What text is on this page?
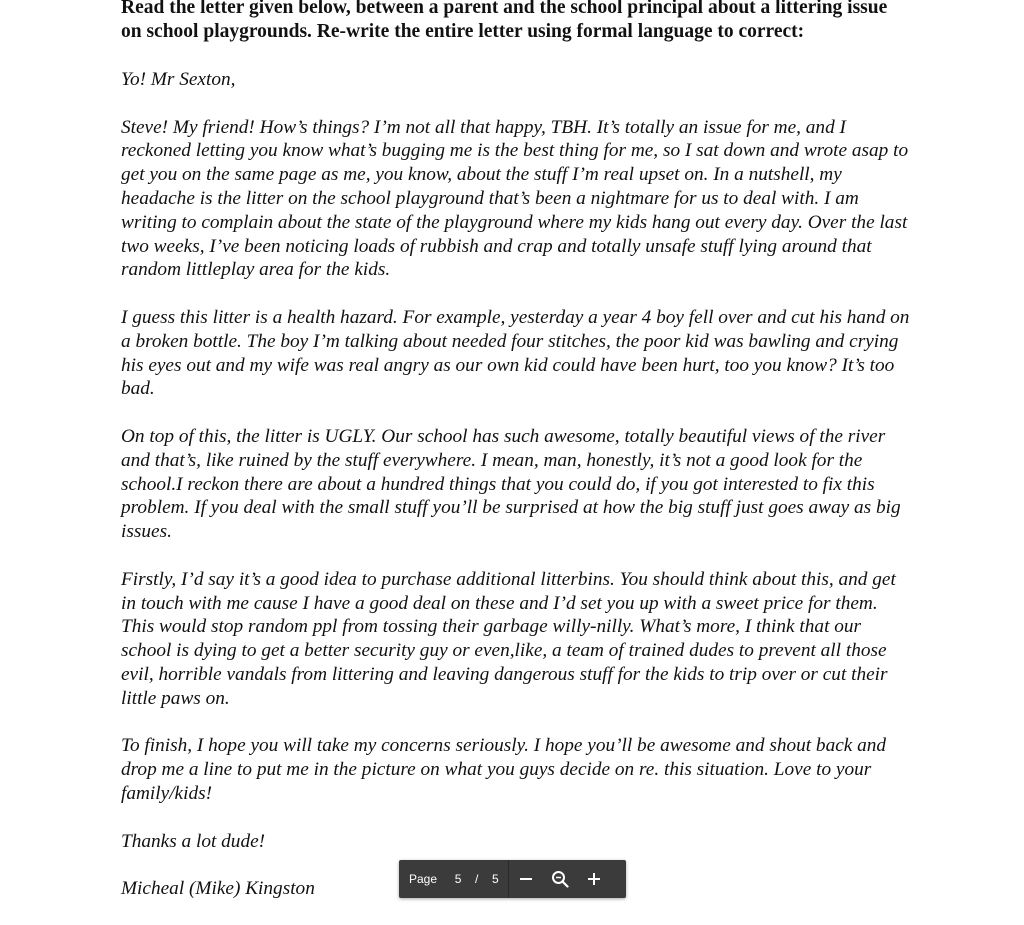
Read the letter given below, between a parent and the school principal about a littering issue on school playgrounds. Re-write the entire letter using formal language to correct:

Yo! Mr Sexton,

Steve! My friend! How’s things? I’m not all that happy, TBH. It’s totally an issue for me, and I reckoned letting you know what’s bugging me is the best thing for me, so I sat down and wrote asap to get you on the same page as me, you know, about the stuff I’m real upset on. In a nutshell, my headache is the litter on the school playground that’s been a nightmare for us to deal with. I am writing to complain about the state of the playground where my kids hang out every day. Over the last two weeks, I’ve been noticing loads of rubbish and crap and totally unsafe stuff lying around that random littleplay area for the kids.

I guess this litter is a health hazard. For example, yesterday a year 4 boy fell over and cut his hand on a broken bottle. The boy I’m talking about needed four stitches, the poor kid was bawling and crying his eyes out and my wife was real angry as our own kid could have been hurt, too you know? It’s too bad.

On top of this, the litter is UGLY. Our school has such awesome, totally beautiful views of the river and that’s, like ruined by the stuff everywhere. I mean, man, honestly, it’s not a good look for the school.I reckon there are about a hundred things that you could do, if you got interested to fix this problem. If you deal with the small stuff you’ll be surprised at how the big stuff just goes away as big issues.

Firstly, I’d say it’s a good idea to purchase additional litterbins. You should think about this, and get in touch with me cause I have a good deal on these and I’d set you up with a sweet price for them. This would stop random ppl from tossing their garbage willy-nilly. What’s more, I think that our school is dying to get a better security guy or even,like, a team of trained dudes to prevent all those evil, horrible vandals from littering and leaving dangerous stuff for the kids to trip over or cut their little paws on.

To finish, I hope you will take my concerns seriously. I hope you’ll be awesome and shout back and drop me a line to put me in the picture on what you guys decide on re. this situation. Love to your family/kids!

Thanks a lot dude!

Micheal (Mike) Kingston	Page 5 / 5
